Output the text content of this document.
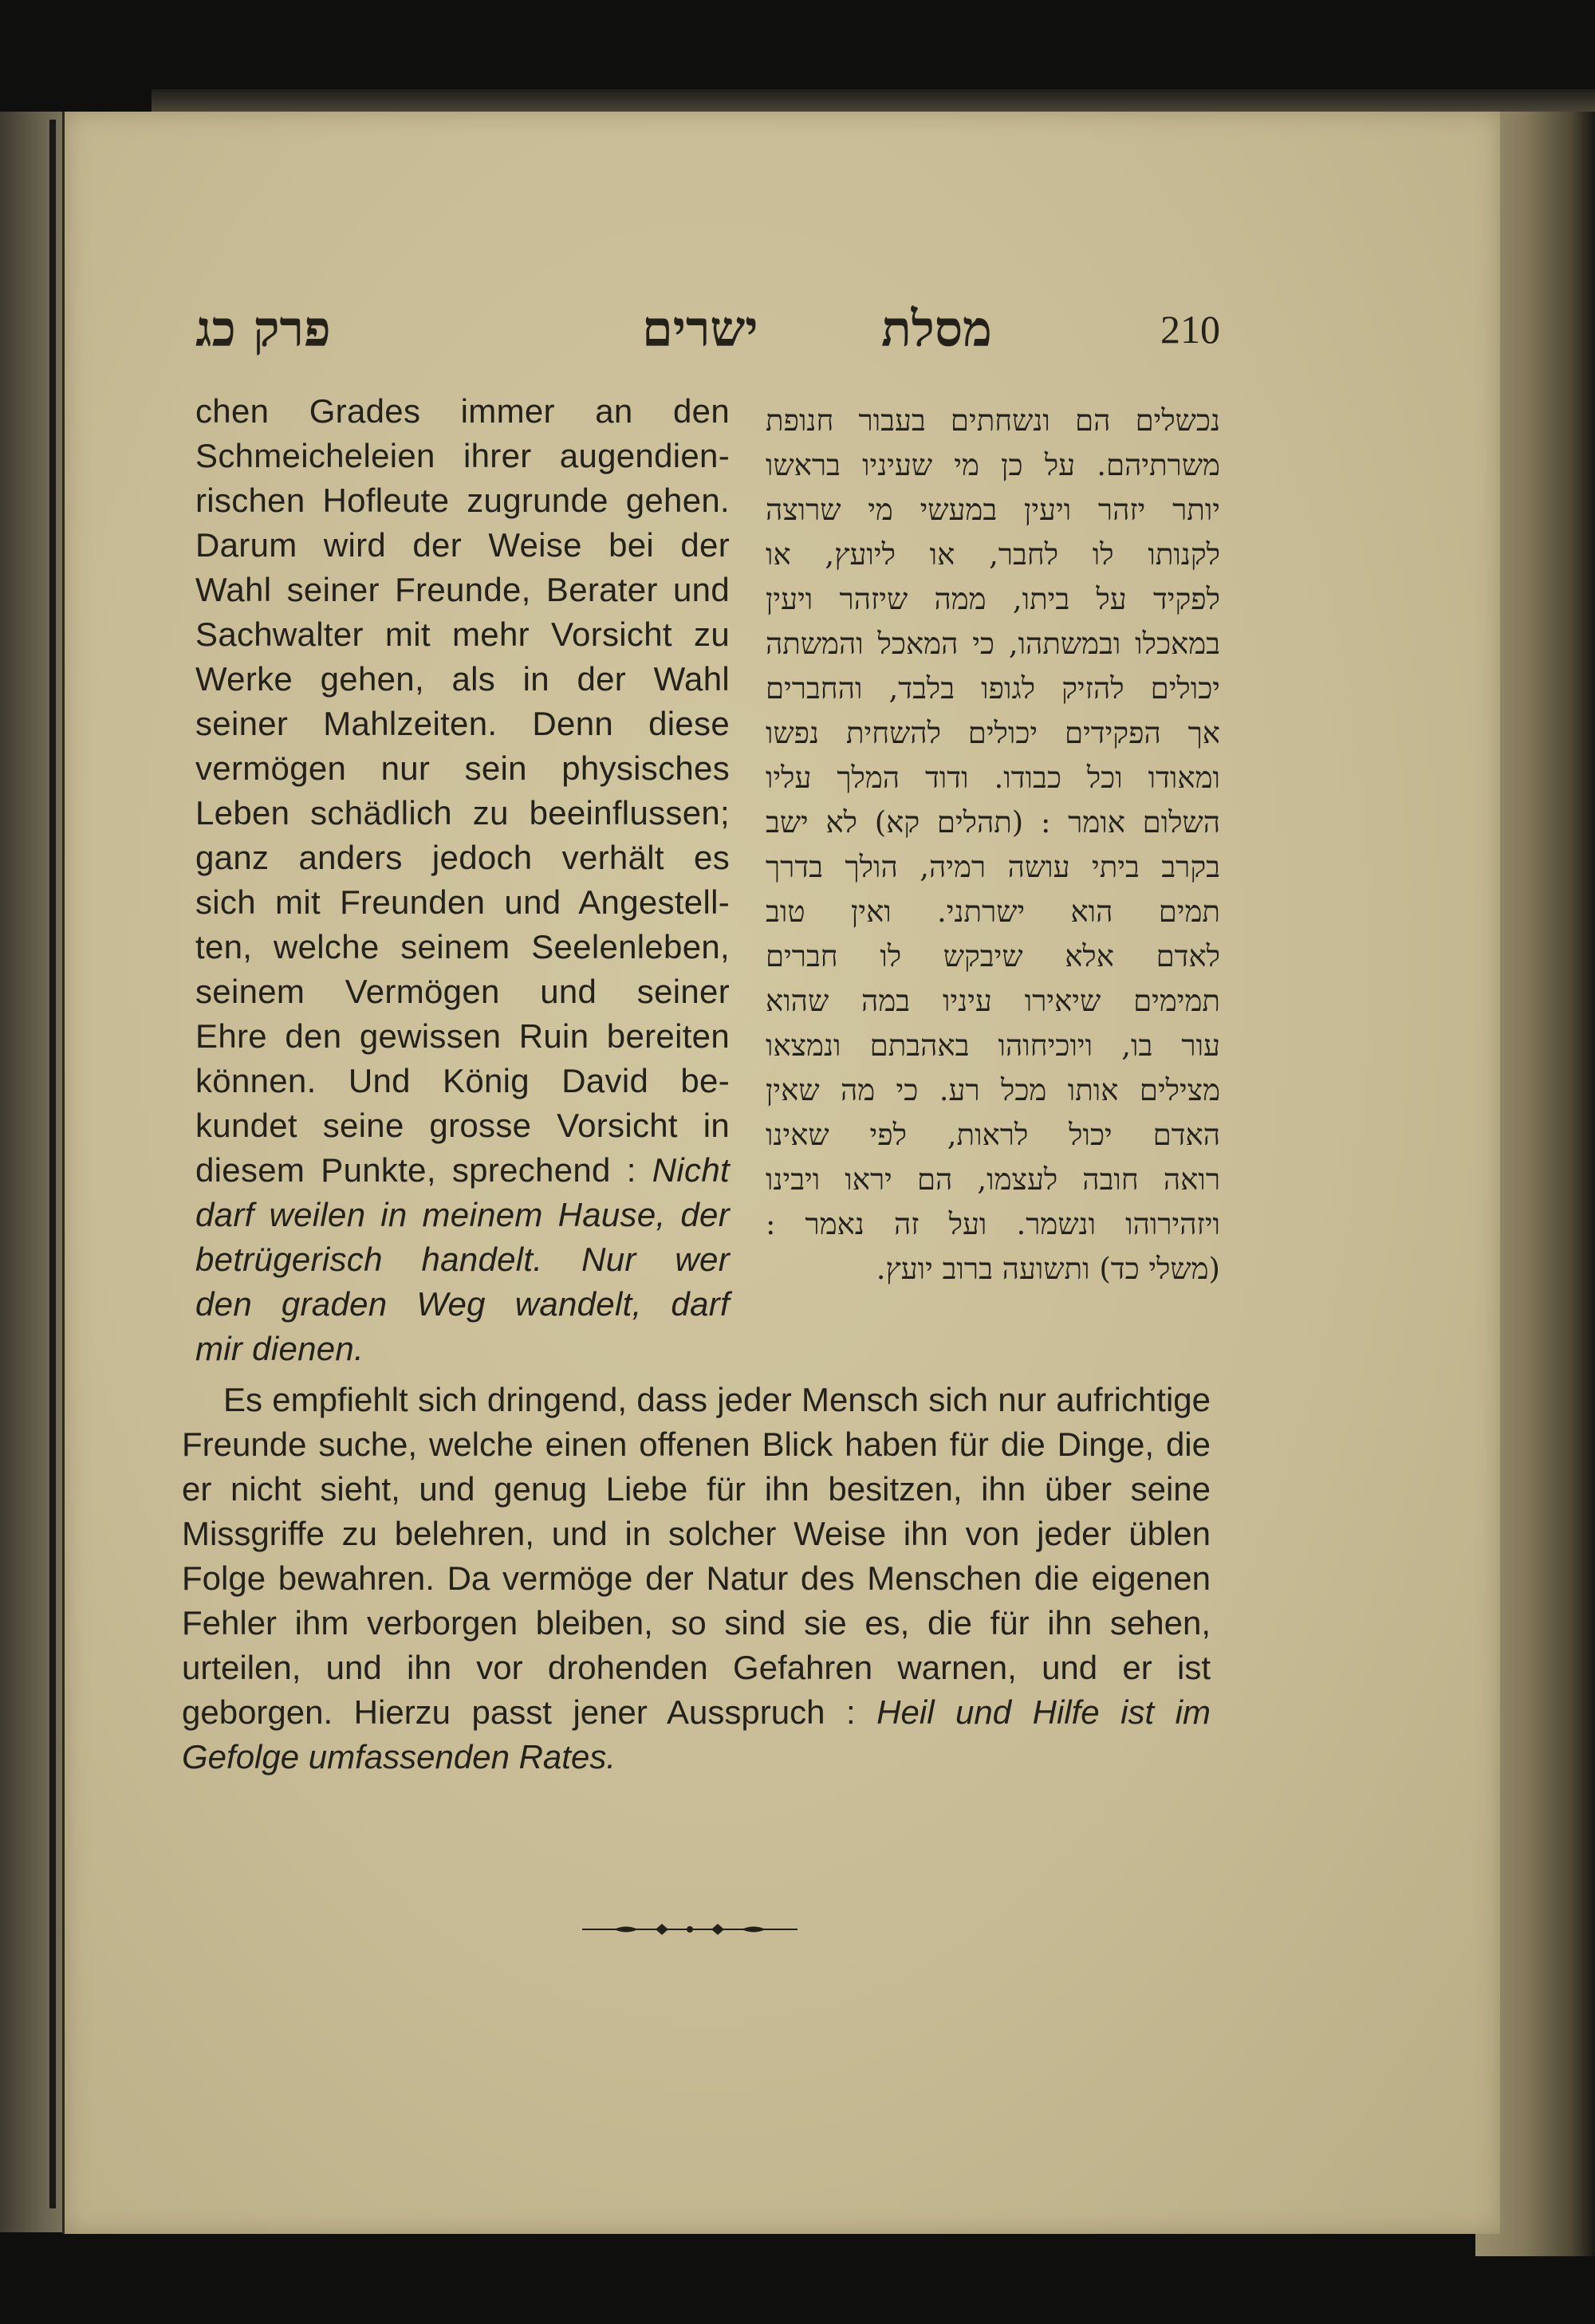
פרק כג	ישרים מסלת	210
chen Grades immer an den
Schmeicheleien ihrer augendien-
rischen Hofleute zugrunde gehen.
Darum wird der Weise bei der
Wahl seiner Freunde, Berater und
Sachwalter mit mehr Vorsicht zu
Werke gehen, als in der Wahl
seiner Mahlzeiten. Denn diese
vermögen nur sein physisches
Leben schädlich zu beeinflussen;
ganz anders jedoch verhält es
sich mit Freunden und Angestell-
ten, welche seinem Seelenleben,
seinem Vermögen und seiner
Ehre den gewissen Ruin bereiten
können. Und König David be-
kundet seine grosse Vorsicht in
diesem Punkte, sprechend : Nicht
darf weilen in meinem Hause, der
betrügerisch handelt. Nur wer
den graden Weg wandelt, darf
mir dienen.
נכשלים הם ונשחתים בעבור חנופת
משרתיהם. על כן מי שעיניו בראשו
יותר יזהר ויעין במעשי מי שרוצה
לקנותו לו לחבר, או ליועץ, או
לפקיד על ביתו, ממה שיזהר ויעין
במאכלו ובמשתהו, כי המאכל והמשתה
יכולים להזיק לגופו בלבד, והחברים
אך הפקידים יכולים להשחית נפשו
ומאודו וכל כבודו. ודוד המלך עליו
השלום אומר : (תהלים קא) לא ישב
בקרב ביתי עושה רמיה, הולך בדרך
תמים הוא ישרתני. ואין טוב
לאדם אלא שיבקש לו חברים
תמימים שיאירו עיניו במה שהוא
עור בו, ויוכיחוהו באהבתם ונמצאו
מצילים אותו מכל רע. כי מה שאין
האדם יכול לראות, לפי שאינו
רואה חובה לעצמו, הם יראו ויבינו
ויזהירוהו ונשמר. ועל זה נאמר :
(משלי כד) ותשועה ברוב יועץ.
Es empfiehlt sich dringend, dass jeder Mensch sich nur aufrichtige
Freunde suche, welche einen offenen Blick haben für die Dinge, die
er nicht sieht, und genug Liebe für ihn besitzen, ihn über seine
Missgriffe zu belehren, und in solcher Weise ihn von jeder üblen
Folge bewahren. Da vermöge der Natur des Menschen die eigenen
Fehler ihm verborgen bleiben, so sind sie es, die für ihn sehen,
urteilen, und ihn vor drohenden Gefahren warnen, und er ist
geborgen. Hierzu passt jener Ausspruch : Heil und Hilfe ist im
Gefolge umfassenden Rates.
